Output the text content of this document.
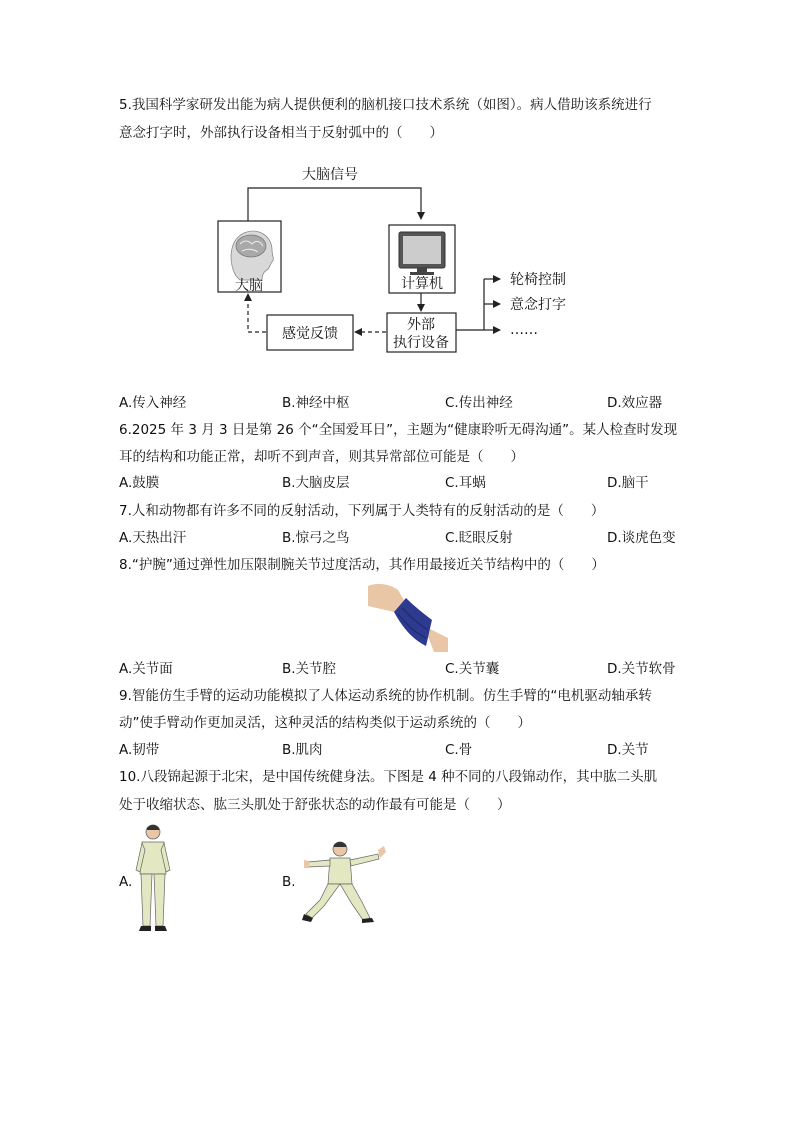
5.我国科学家研发出能为病人提供便利的脑机接口技术系统（如图）。病人借助该系统进行
意念打字时，外部执行设备相当于反射弧中的（　　）
大脑信号
大脑	计算机
外部
执行设备
感觉反馈
轮椅控制
意念打字
……
A.传入神经	B.神经中枢	C.传出神经	D.效应器
6.2025 年 3 月 3 日是第 26 个“全国爱耳日”，主题为“健康聆听无碍沟通”。某人检查时发现
耳的结构和功能正常，却听不到声音，则其异常部位可能是（　　）
A.鼓膜	B.大脑皮层	C.耳蜗	D.脑干
7.人和动物都有许多不同的反射活动，下列属于人类特有的反射活动的是（　　）
A.天热出汗	B.惊弓之鸟	C.眨眼反射	D.谈虎色变
8.“护腕”通过弹性加压限制腕关节过度活动，其作用最接近关节结构中的（　　）
A.关节面	B.关节腔	C.关节囊	D.关节软骨
9.智能仿生手臂的运动功能模拟了人体运动系统的协作机制。仿生手臂的“电机驱动轴承转
动”使手臂动作更加灵活，这种灵活的结构类似于运动系统的（　　）
A.韧带	B.肌肉	C.骨	D.关节
10.八段锦起源于北宋，是中国传统健身法。下图是 4 种不同的八段锦动作，其中肱二头肌
处于收缩状态、肱三头肌处于舒张状态的动作最有可能是（　　）
A.	B.
